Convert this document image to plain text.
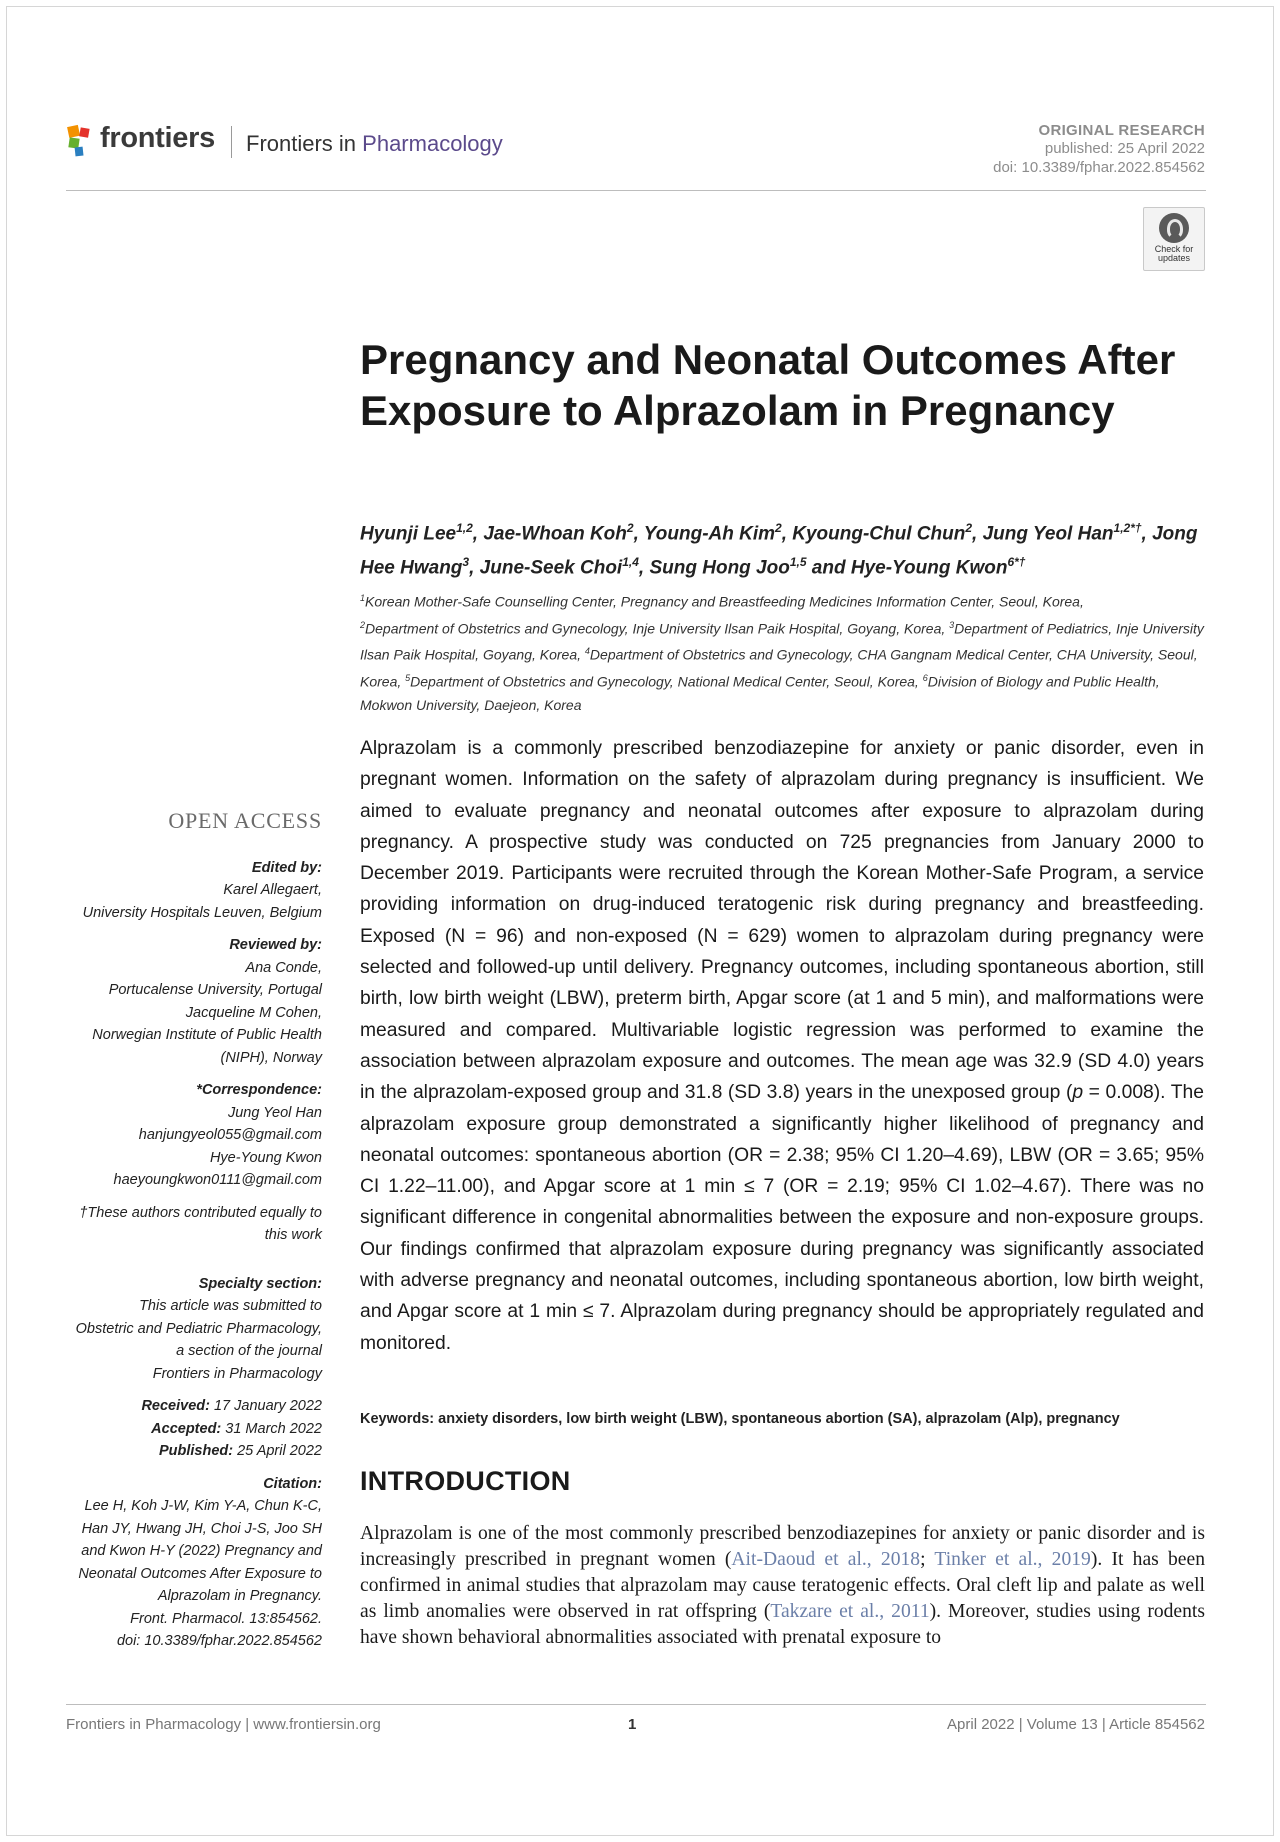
frontiers Frontiers in Pharmacology
ORIGINAL RESEARCH
published: 25 April 2022
doi: 10.3389/fphar.2022.854562
Check for
updates
Pregnancy and Neonatal Outcomes After Exposure to Alprazolam in Pregnancy
Hyunji Lee$^{1,2}$, Jae-Whoan Koh$^2$, Young-Ah Kim$^2$, Kyoung-Chul Chun$^2$, Jung Yeol Han$^{1,2*\dagger}$, Jong Hee Hwang$^3$, June-Seek Choi$^{1,4}$, Sung Hong Joo$^{1,5}$ and Hye-Young Kwon$^{6*\dagger}$
$^1$Korean Mother-Safe Counselling Center, Pregnancy and Breastfeeding Medicines Information Center, Seoul, Korea,
$^2$Department of Obstetrics and Gynecology, Inje University Ilsan Paik Hospital, Goyang, Korea, $^3$Department of Pediatrics, Inje University Ilsan Paik Hospital, Goyang, Korea, $^4$Department of Obstetrics and Gynecology, CHA Gangnam Medical Center, CHA University, Seoul, Korea, $^5$Department of Obstetrics and Gynecology, National Medical Center, Seoul, Korea, $^6$Division of Biology and Public Health, Mokwon University, Daejeon, Korea
OPEN ACCESS
Edited by:
Karel Allegaert,
University Hospitals Leuven, Belgium
Reviewed by:
Ana Conde,
Portucalense University, Portugal
Jacqueline M Cohen,
Norwegian Institute of Public Health
(NIPH), Norway
*Correspondence:
Jung Yeol Han
hanjungyeol055@gmail.com
Hye-Young Kwon
haeyoungkwon0111@gmail.com
†These authors contributed equally to this work
Specialty section:
This article was submitted to
Obstetric and Pediatric Pharmacology,
a section of the journal
Frontiers in Pharmacology
Received: 17 January 2022
Accepted: 31 March 2022
Published: 25 April 2022
Citation:
Lee H, Koh J-W, Kim Y-A, Chun K-C,
Han JY, Hwang JH, Choi J-S, Joo SH
and Kwon H-Y (2022) Pregnancy and
Neonatal Outcomes After Exposure to
Alprazolam in Pregnancy.
Front. Pharmacol. 13:854562.
doi: 10.3389/fphar.2022.854562
Alprazolam is a commonly prescribed benzodiazepine for anxiety or panic disorder, even in pregnant women. Information on the safety of alprazolam during pregnancy is insufficient. We aimed to evaluate pregnancy and neonatal outcomes after exposure to alprazolam during pregnancy. A prospective study was conducted on 725 pregnancies from January 2000 to December 2019. Participants were recruited through the Korean Mother-Safe Program, a service providing information on drug-induced teratogenic risk during pregnancy and breastfeeding. Exposed (N = 96) and non-exposed (N = 629) women to alprazolam during pregnancy were selected and followed-up until delivery. Pregnancy outcomes, including spontaneous abortion, still birth, low birth weight (LBW), preterm birth, Apgar score (at 1 and 5 min), and malformations were measured and compared. Multivariable logistic regression was performed to examine the association between alprazolam exposure and outcomes. The mean age was 32.9 (SD 4.0) years in the alprazolam-exposed group and 31.8 (SD 3.8) years in the unexposed group (p = 0.008). The alprazolam exposure group demonstrated a significantly higher likelihood of pregnancy and neonatal outcomes: spontaneous abortion (OR = 2.38; 95% CI 1.20–4.69), LBW (OR = 3.65; 95% CI 1.22–11.00), and Apgar score at 1 min ≤ 7 (OR = 2.19; 95% CI 1.02–4.67). There was no significant difference in congenital abnormalities between the exposure and non-exposure groups. Our findings confirmed that alprazolam exposure during pregnancy was significantly associated with adverse pregnancy and neonatal outcomes, including spontaneous abortion, low birth weight, and Apgar score at 1 min ≤ 7. Alprazolam during pregnancy should be appropriately regulated and monitored.
Keywords: anxiety disorders, low birth weight (LBW), spontaneous abortion (SA), alprazolam (Alp), pregnancy
INTRODUCTION
Alprazolam is one of the most commonly prescribed benzodiazepines for anxiety or panic disorder and is increasingly prescribed in pregnant women (Ait-Daoud et al., 2018; Tinker et al., 2019). It has been confirmed in animal studies that alprazolam may cause teratogenic effects. Oral cleft lip and palate as well as limb anomalies were observed in rat offspring (Takzare et al., 2011). Moreover, studies using rodents have shown behavioral abnormalities associated with prenatal exposure to
Frontiers in Pharmacology | www.frontiersin.org	1	April 2022 | Volume 13 | Article 854562
